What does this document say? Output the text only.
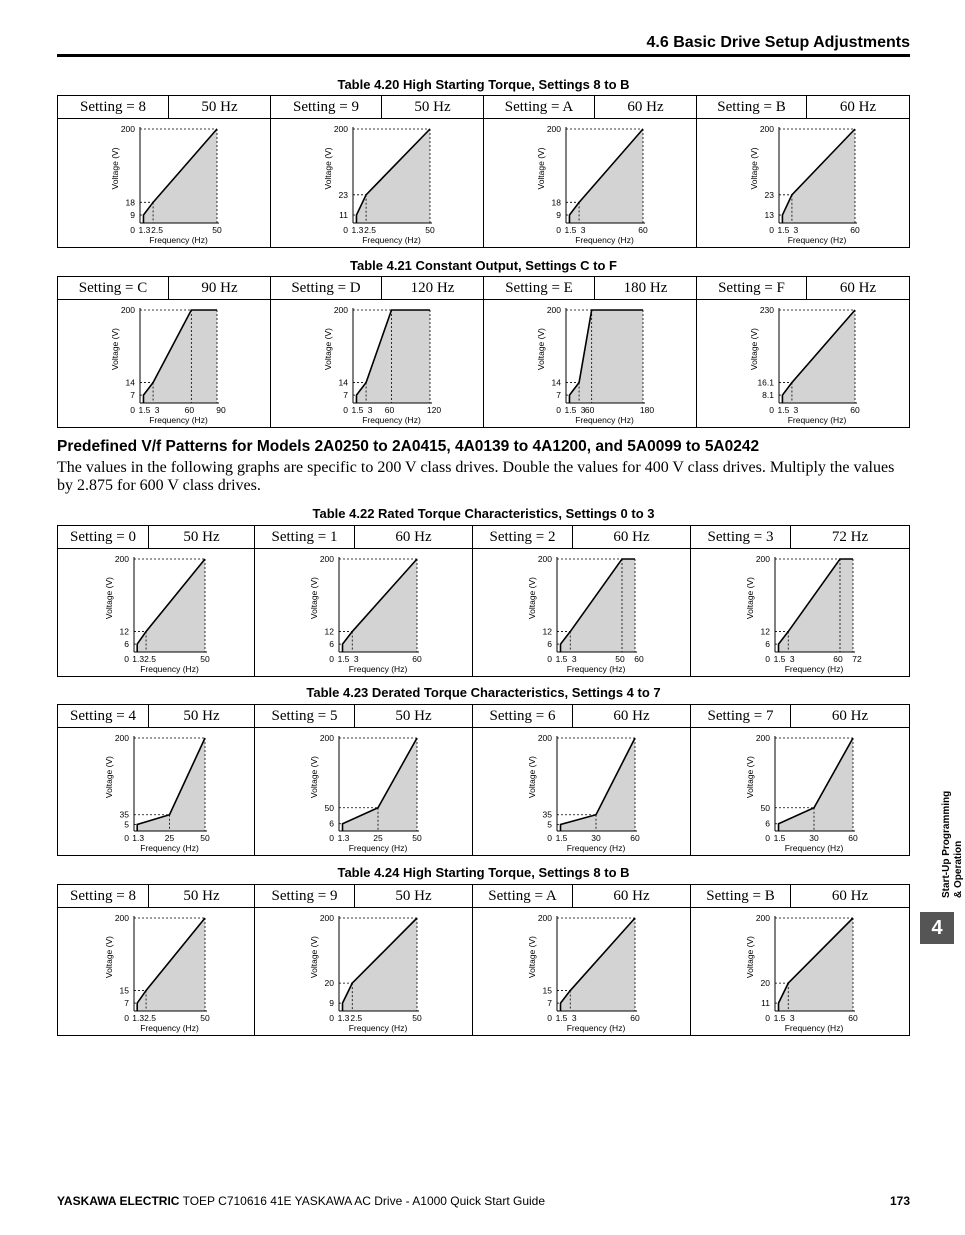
4.6 Basic Drive Setup Adjustments
Table 4.20 High Starting Torque, Settings 8 to B
Setting = 8	50 Hz	Setting = 9	50 Hz	Setting = A	60 Hz	Setting = B	60 Hz
200
18
9
0 1.3 2.5	50
Frequency (Hz)
Voltage (V)
200
23
11
0 1.3 2.5	50
Frequency (Hz)
Voltage (V)
200
18
9
0 1.5 3	60
Frequency (Hz)
Voltage (V)
200
23
13
0 1.5 3	60
Frequency (Hz)
Voltage (V)
Table 4.21 Constant Output, Settings C to F
Setting = C	90 Hz	Setting = D	120 Hz	Setting = E	180 Hz	Setting = F	60 Hz
200
14
7
0 1.5 3	60	90
Frequency (Hz)
Voltage (V)
200
14
7
0 1.5 3 60	120
Frequency (Hz)
Voltage (V)
200
14
7
0 1.5 3 60	180
Frequency (Hz)
Voltage (V)
230
16.1
8.1
0 1.5 3	60
Frequency (Hz)
Voltage (V)
Table 4.22 Rated Torque Characteristics, Settings 0 to 3
Setting = 0	50 Hz	Setting = 1	60 Hz	Setting = 2	60 Hz	Setting = 3	72 Hz
200
12
6
0 1.3 2.5	50
Frequency (Hz)
Voltage (V)
200
12
6
0 1.5 3	60
Frequency (Hz)
Voltage (V)
200
12
6
0 1.5 3	50 60
Frequency (Hz)
Voltage (V)
200
12
6
0 1.5 3	60 72
Frequency (Hz)
Voltage (V)
Table 4.23 Derated Torque Characteristics, Settings 4 to 7
Setting = 4	50 Hz	Setting = 5	50 Hz	Setting = 6	60 Hz	Setting = 7	60 Hz
200
35
5
0 1.3 25	50
Frequency (Hz)
Voltage (V)
200
50
6
0 1.3	25	50
Frequency (Hz)
Voltage (V)
200
35
5
0 1.5	30	60
Frequency (Hz)
Voltage (V)
200
50
6
0 1.5	30	60
Frequency (Hz)
Voltage (V)
Table 4.24 High Starting Torque, Settings 8 to B
Setting = 8	50 Hz	Setting = 9	50 Hz	Setting = A	60 Hz	Setting = B	60 Hz
200
15
7
0 1.3 2.5	50
Frequency (Hz)
Voltage (V)
200
20
9
0 1.3 2.5	50
Frequency (Hz)
Voltage (V)
200
15
7
0 1.5 3	60
Frequency (Hz)
Voltage (V)
200
20
11
0 1.5 3	60
Frequency (Hz)
Voltage (V)
Predefined V/f Patterns for Models 2A0250 to 2A0415, 4A0139 to 4A1200, and 5A0099 to 5A0242
The values in the following graphs are specific to 200 V class drives. Double the values for 400 V class drives. Multiply the values by 2.875 for 600 V class drives.
Start-Up Programming & Operation
4
YASKAWA ELECTRIC TOEP C710616 41E YASKAWA AC Drive - A1000 Quick Start Guide	173
